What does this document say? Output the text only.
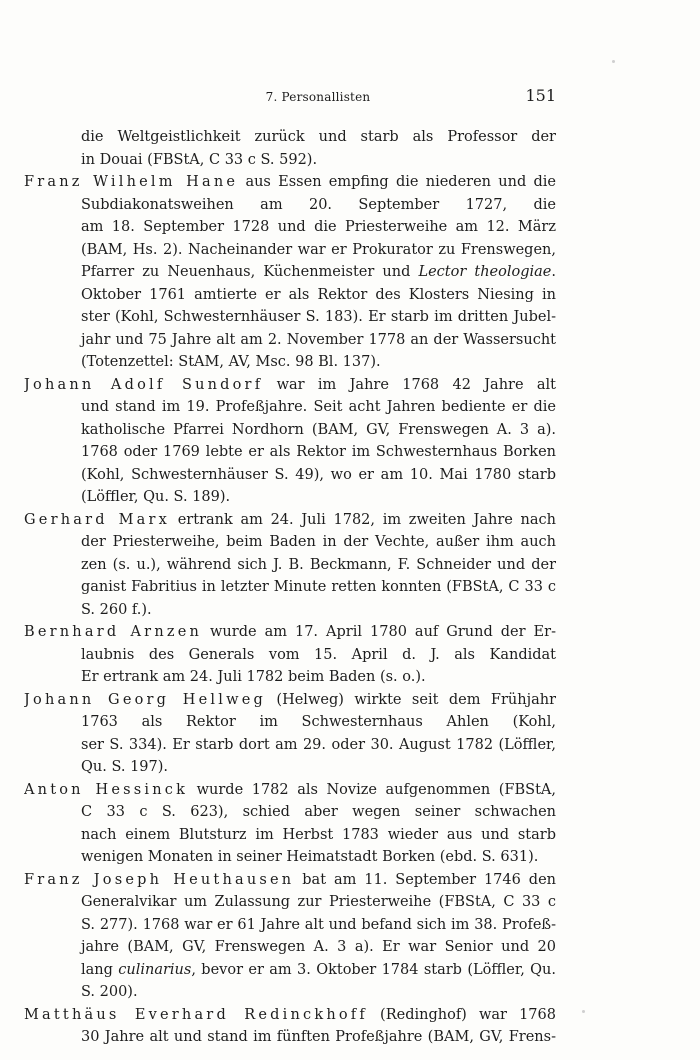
7. Personallisten	151
die Weltgeistlichkeit zurück und starb als Professor der
in Douai (FBStA, C 33 c S. 592).
Franz Wilhelm Hane aus Essen empfing die niederen und die
Subdiakonatsweihen am 20. September 1727, die
am 18. September 1728 und die Priesterweihe am 12. März
(BAM, Hs. 2). Nacheinander war er Prokurator zu Frenswegen,
Pfarrer zu Neuenhaus, Küchenmeister und Lector theologiae.
Oktober 1761 amtierte er als Rektor des Klosters Niesing in
ster (Kohl, Schwesternhäuser S. 183). Er starb im dritten Jubel-
jahr und 75 Jahre alt am 2. November 1778 an der Wassersucht
(Totenzettel: StAM, AV, Msc. 98 Bl. 137).
Johann Adolf Sundorf war im Jahre 1768 42 Jahre alt
und stand im 19. Profeßjahre. Seit acht Jahren bediente er die
katholische Pfarrei Nordhorn (BAM, GV, Frenswegen A. 3 a).
1768 oder 1769 lebte er als Rektor im Schwesternhaus Borken
(Kohl, Schwesternhäuser S. 49), wo er am 10. Mai 1780 starb
(Löffler, Qu. S. 189).
Gerhard Marx ertrank am 24. Juli 1782, im zweiten Jahre nach
der Priesterweihe, beim Baden in der Vechte, außer ihm auch
zen (s. u.), während sich J. B. Beckmann, F. Schneider und der
ganist Fabritius in letzter Minute retten konnten (FBStA, C 33 c
S. 260 f.).
Bernhard Arnzen wurde am 17. April 1780 auf Grund der Er-
laubnis des Generals vom 15. April d. J. als Kandidat
Er ertrank am 24. Juli 1782 beim Baden (s. o.).
Johann Georg Hellweg (Helweg) wirkte seit dem Frühjahr
1763 als Rektor im Schwesternhaus Ahlen (Kohl,
ser S. 334). Er starb dort am 29. oder 30. August 1782 (Löffler,
Qu. S. 197).
Anton Hessinck wurde 1782 als Novize aufgenommen (FBStA,
C 33 c S. 623), schied aber wegen seiner schwachen
nach einem Blutsturz im Herbst 1783 wieder aus und starb
wenigen Monaten in seiner Heimatstadt Borken (ebd. S. 631).
Franz Joseph Heuthausen bat am 11. September 1746 den
Generalvikar um Zulassung zur Priesterweihe (FBStA, C 33 c
S. 277). 1768 war er 61 Jahre alt und befand sich im 38. Profeß-
jahre (BAM, GV, Frenswegen A. 3 a). Er war Senior und 20
lang culinarius, bevor er am 3. Oktober 1784 starb (Löffler, Qu.
S. 200).
Matthäus Everhard Redinckhoff (Redinghof) war 1768
30 Jahre alt und stand im fünften Profeßjahre (BAM, GV, Frens-
